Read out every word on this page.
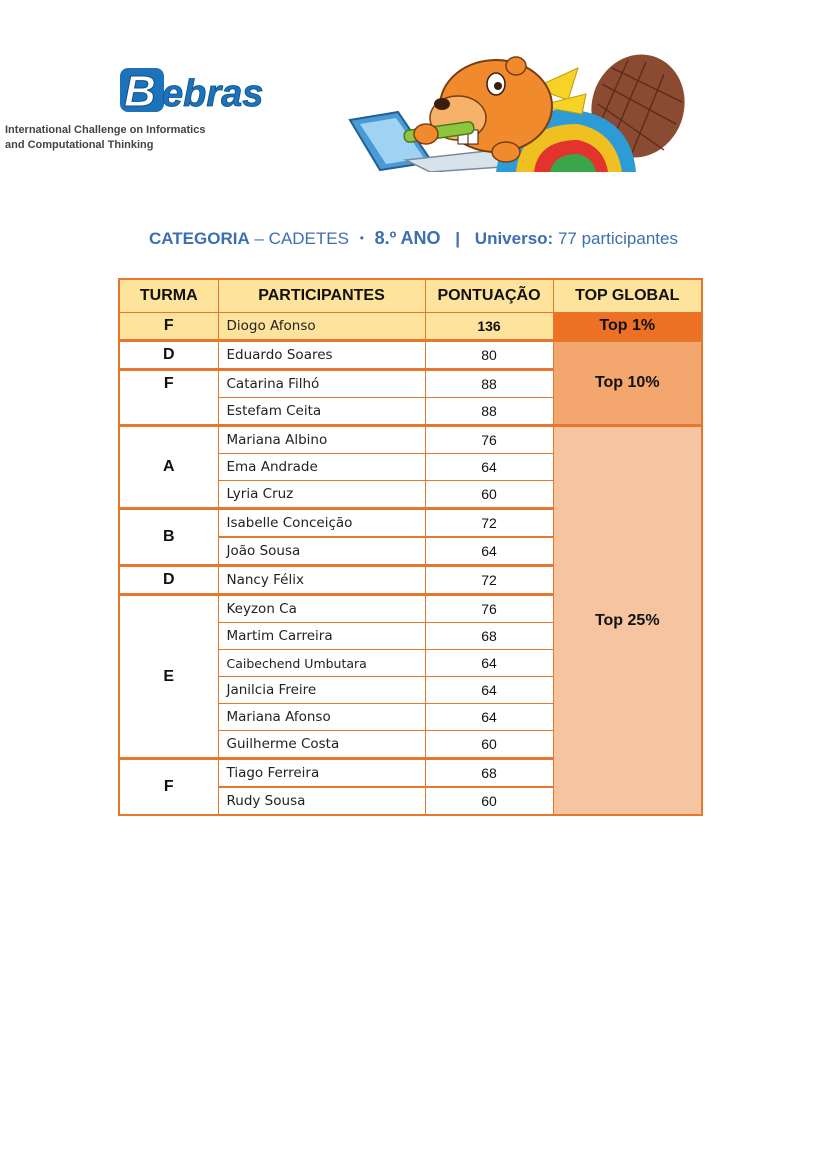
B ebras
International Challenge on Informatics
and Computational Thinking
CATEGORIA – CADETES • 8.º ANO | Universo: 77 participantes
TURMA	PARTICIPANTES	PONTUAÇÃO	TOP GLOBAL
F	Diogo Afonso	136	Top 1%
D	Eduardo Soares	80	Top 10%
F	Catarina Filhó	88	
	Estefam Ceita	88	
A	Mariana Albino	76	Top 25%
	Ema Andrade	64	
	Lyria Cruz	60	
B	Isabelle Conceição	72	
	João Sousa	64	
D	Nancy Félix	72	
E	Keyzon Ca	76	
	Martim Carreira	68	
	Caibechend Umbutara	64	
	Janilcia Freire	64	
	Mariana Afonso	64	
	Guilherme Costa	60	
F	Tiago Ferreira	68	
	Rudy Sousa	60	
